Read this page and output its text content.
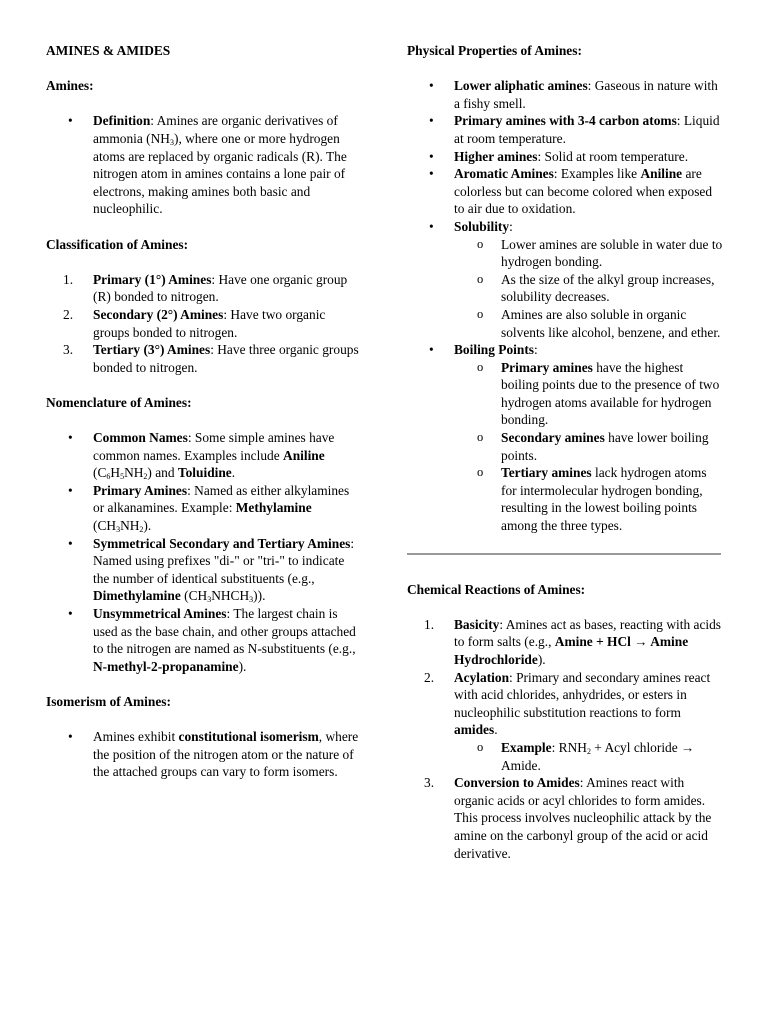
AMINES & AMIDES

Amines:

•	Definition: Amines are organic derivatives of ammonia $(NH_3)$, where one or more hydrogen atoms are replaced by organic radicals (R). The nitrogen atom in amines contains a lone pair of electrons, making amines both basic and nucleophilic.

Classification of Amines:

1.	Primary (1°) Amines: Have one organic group (R) bonded to nitrogen.
2.	Secondary (2°) Amines: Have two organic groups bonded to nitrogen.
3.	Tertiary (3°) Amines: Have three organic groups bonded to nitrogen.

Nomenclature of Amines:

•	Common Names: Some simple amines have common names. Examples include Aniline $(C_6H_5NH_2)$ and Toluidine.
•	Primary Amines: Named as either alkylamines or alkanamines. Example: Methylamine $(CH_3NH_2)$.
•	Symmetrical Secondary and Tertiary Amines: Named using prefixes "di-" or "tri-" to indicate the number of identical substituents (e.g., Dimethylamine $(CH_3NHCH_3)$).
•	Unsymmetrical Amines: The largest chain is used as the base chain, and other groups attached to the nitrogen are named as N-substituents (e.g., N-methyl-2-propanamine).

Isomerism of Amines:

•	Amines exhibit constitutional isomerism, where the position of the nitrogen atom or the nature of the attached groups can vary to form isomers.

Physical Properties of Amines:

•	Lower aliphatic amines: Gaseous in nature with a fishy smell.
•	Primary amines with 3-4 carbon atoms: Liquid at room temperature.
•	Higher amines: Solid at room temperature.
•	Aromatic Amines: Examples like Aniline are colorless but can become colored when exposed to air due to oxidation.
•	Solubility:
o Lower amines are soluble in water due to hydrogen bonding.
o As the size of the alkyl group increases, solubility decreases.
o Amines are also soluble in organic solvents like alcohol, benzene, and ether.
•	Boiling Points:
o Primary amines have the highest boiling points due to the presence of two hydrogen atoms available for hydrogen bonding.
o Secondary amines have lower boiling points.
o Tertiary amines lack hydrogen atoms for intermolecular hydrogen bonding, resulting in the lowest boiling points among the three types.

Chemical Reactions of Amines:

1.	Basicity: Amines act as bases, reacting with acids to form salts (e.g., Amine + HCl → Amine Hydrochloride).
2.	Acylation: Primary and secondary amines react with acid chlorides, anhydrides, or esters in nucleophilic substitution reactions to form amides.
o Example: $RNH_2$ + Acyl chloride → Amide.
3.	Conversion to Amides: Amines react with organic acids or acyl chlorides to form amides. This process involves nucleophilic attack by the amine on the carbonyl group of the acid or acid derivative.
